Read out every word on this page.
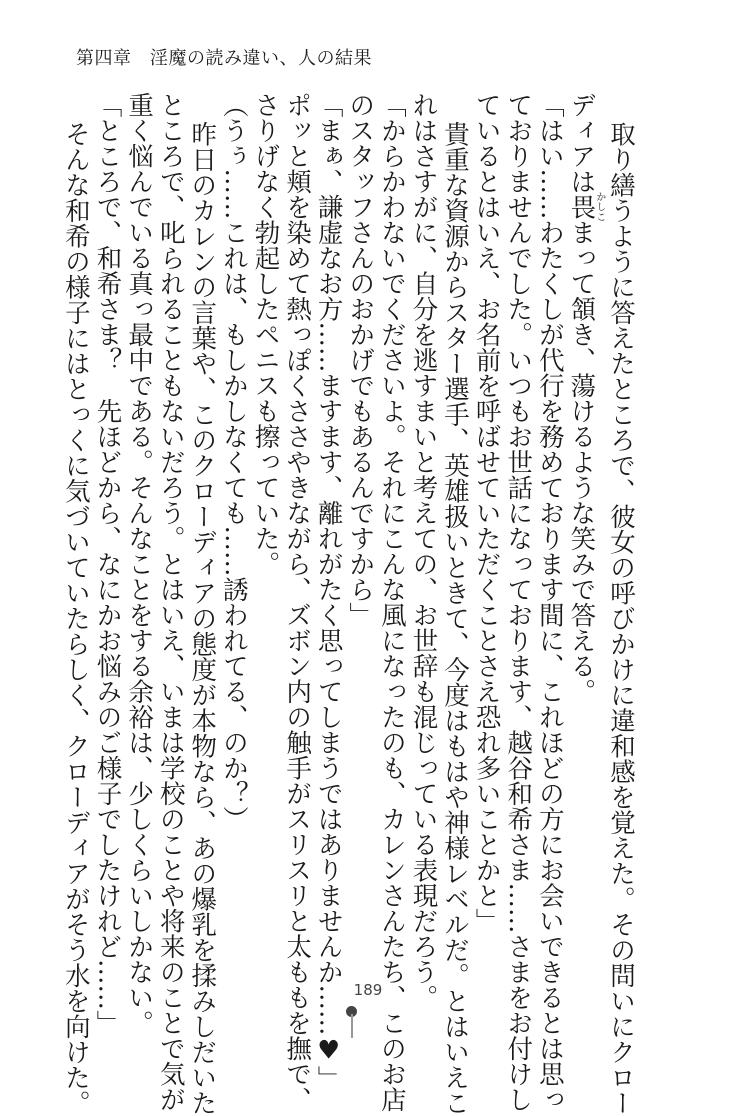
第四章　淫魔の読み違い、人の結果
取り繕うように答えたところで、彼女の呼びかけに違和感を覚えた。その問いにクロー
ディアは畏かしこまって頷き、蕩けるような笑みで答える。
「はい……わたくしが代行を務めております間に、これほどの方にお会いできるとは思っ
ておりませんでした。いつもお世話になっております、越谷和希さま……さまをお付けし
ているとはいえ、お名前を呼ばせていただくことさえ恐れ多いことかと」
貴重な資源からスター選手、英雄扱いときて、今度はもはや神様レベルだ。とはいえこ
れはさすがに、自分を逃すまいと考えての、お世辞も混じっている表現だろう。
「からかわないでくださいよ。それにこんな風になったのも、カレンさんたち、このお店
のスタッフさんのおかげでもあるんですから」
「まぁ、謙虚なお方……ますます、離れがたく思ってしまうではありませんか……♥」
ポッと頬を染めて熱っぽくささやきながら、ズボン内の触手がスリスリと太ももを撫で、
さりげなく勃起したペニスも擦っていた。
（うぅ……これは、もしかしなくても……誘われてる、のか？）
昨日のカレンの言葉や、このクローディアの態度が本物なら、あの爆乳を揉みしだいた
ところで、叱られることもないだろう。とはいえ、いまは学校のことや将来のことで気が
重く悩んでいる真っ最中である。そんなことをする余裕は、少しくらいしかない。
「ところで、和希さま？　先ほどから、なにかお悩みのご様子でしたけれど……」
そんな和希の様子にはとっくに気づいていたらしく、クローディアがそう水を向けた。	189
